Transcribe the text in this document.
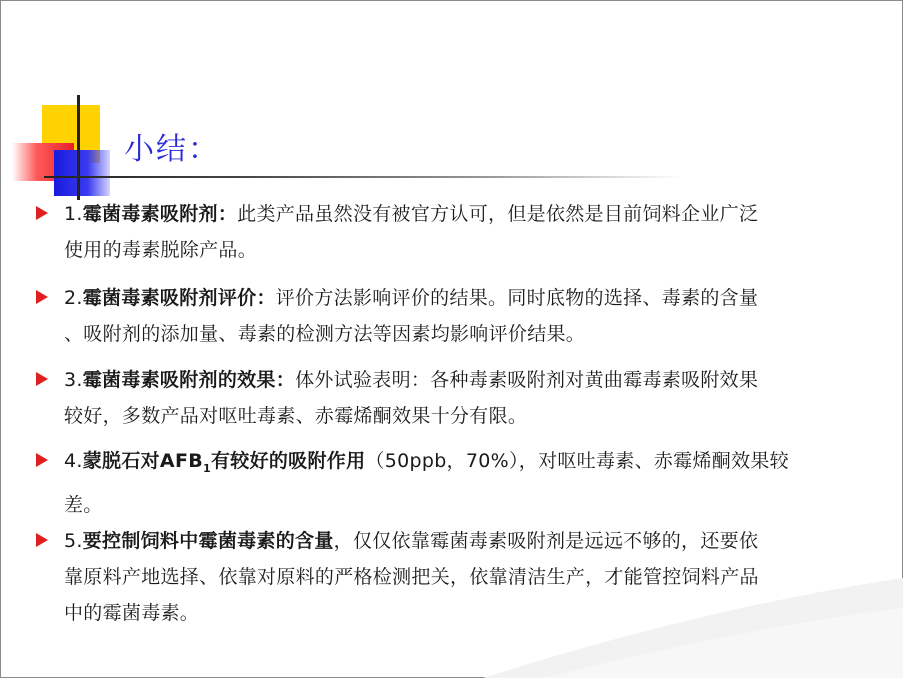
小结：
1.霉菌毒素吸附剂：此类产品虽然没有被官方认可，但是依然是目前饲料企业广泛
使用的毒素脱除产品。
2.霉菌毒素吸附剂评价：评价方法影响评价的结果。同时底物的选择、毒素的含量
、吸附剂的添加量、毒素的检测方法等因素均影响评价结果。
3.霉菌毒素吸附剂的效果：体外试验表明：各种毒素吸附剂对黄曲霉毒素吸附效果
较好，多数产品对呕吐毒素、赤霉烯酮效果十分有限。
4.蒙脱石对$AFB_1$有较好的吸附作用（50ppb，70%），对呕吐毒素、赤霉烯酮效果较
差。
5.要控制饲料中霉菌毒素的含量，仅仅依靠霉菌毒素吸附剂是远远不够的，还要依
靠原料产地选择、依靠对原料的严格检测把关，依靠清洁生产，才能管控饲料产品
中的霉菌毒素。
